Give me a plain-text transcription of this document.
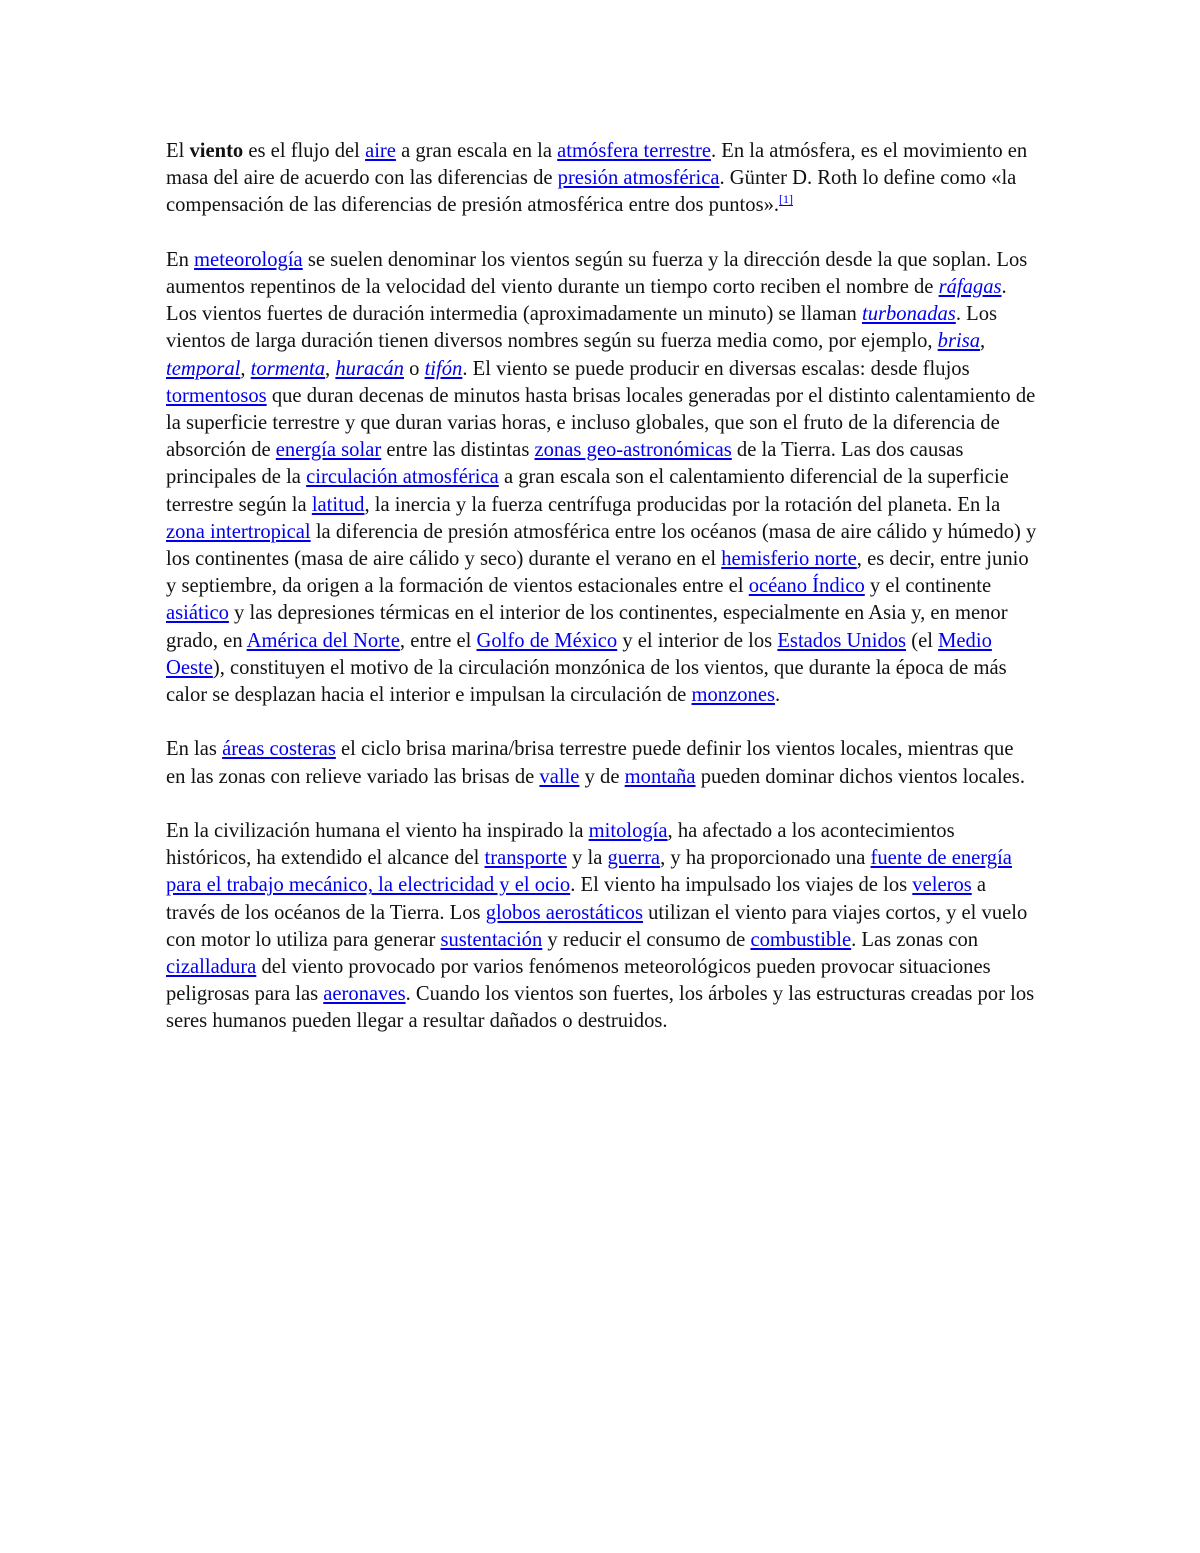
El viento es el flujo del aire a gran escala en la atmósfera terrestre. En la atmósfera, es el movimiento en masa del aire de acuerdo con las diferencias de presión atmosférica. Günter D. Roth lo define como «la compensación de las diferencias de presión atmosférica entre dos puntos».[1]

En meteorología se suelen denominar los vientos según su fuerza y la dirección desde la que soplan. Los aumentos repentinos de la velocidad del viento durante un tiempo corto reciben el nombre de ráfagas. Los vientos fuertes de duración intermedia (aproximadamente un minuto) se llaman turbonadas. Los vientos de larga duración tienen diversos nombres según su fuerza media como, por ejemplo, brisa, temporal, tormenta, huracán o tifón. El viento se puede producir en diversas escalas: desde flujos tormentosos que duran decenas de minutos hasta brisas locales generadas por el distinto calentamiento de la superficie terrestre y que duran varias horas, e incluso globales, que son el fruto de la diferencia de absorción de energía solar entre las distintas zonas geo-astronómicas de la Tierra. Las dos causas principales de la circulación atmosférica a gran escala son el calentamiento diferencial de la superficie terrestre según la latitud, la inercia y la fuerza centrífuga producidas por la rotación del planeta. En la zona intertropical la diferencia de presión atmosférica entre los océanos (masa de aire cálido y húmedo) y los continentes (masa de aire cálido y seco) durante el verano en el hemisferio norte, es decir, entre junio y septiembre, da origen a la formación de vientos estacionales entre el océano Índico y el continente asiático y las depresiones térmicas en el interior de los continentes, especialmente en Asia y, en menor grado, en América del Norte, entre el Golfo de México y el interior de los Estados Unidos (el Medio Oeste), constituyen el motivo de la circulación monzónica de los vientos, que durante la época de más calor se desplazan hacia el interior e impulsan la circulación de monzones.

En las áreas costeras el ciclo brisa marina/brisa terrestre puede definir los vientos locales, mientras que en las zonas con relieve variado las brisas de valle y de montaña pueden dominar dichos vientos locales.

En la civilización humana el viento ha inspirado la mitología, ha afectado a los acontecimientos históricos, ha extendido el alcance del transporte y la guerra, y ha proporcionado una fuente de energía para el trabajo mecánico, la electricidad y el ocio. El viento ha impulsado los viajes de los veleros a través de los océanos de la Tierra. Los globos aerostáticos utilizan el viento para viajes cortos, y el vuelo con motor lo utiliza para generar sustentación y reducir el consumo de combustible. Las zonas con cizalladura del viento provocado por varios fenómenos meteorológicos pueden provocar situaciones peligrosas para las aeronaves. Cuando los vientos son fuertes, los árboles y las estructuras creadas por los seres humanos pueden llegar a resultar dañados o destruidos.
